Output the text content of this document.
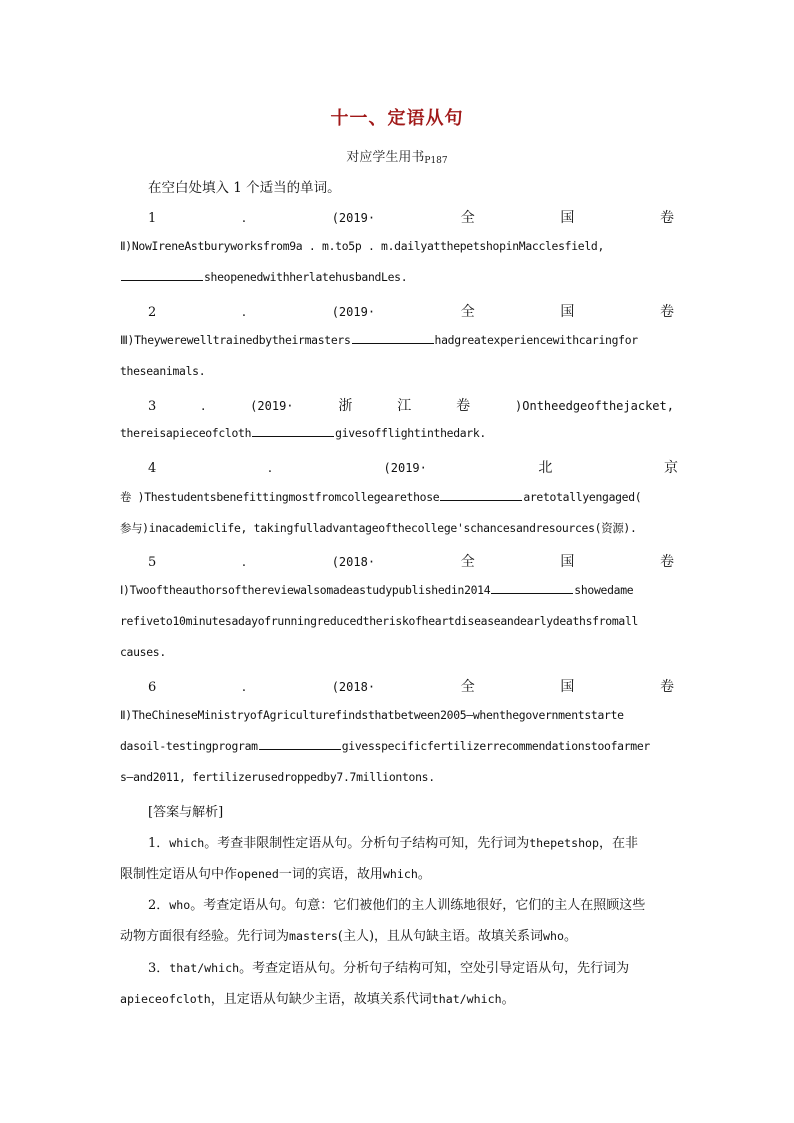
十一、定语从句
对应学生用书P187
在空白处填入 1 个适当的单词。
1	.	(2019·	全	国	卷
Ⅱ)NowIreneAstburyworksfrom9a . m.to5p . m.dailyatthepetshopinMacclesfield,
sheopenedwithherlatehusbandLes.
2	.	(2019·	全	国	卷
Ⅲ)Theywerewelltrainedbytheirmasters	hadgreatexperiencewithcaringfor
theseanimals.
3	.	(2019·	浙	江	卷	)Ontheedgeofthejacket,
thereisapieceofcloth	givesofflightinthedark.
4	.	(2019·	北	京
卷 )Thestudentsbenefittingmostfromcollegearethose	aretotallyengaged(
参与)inacademiclife, takingfulladvantageofthecollege'schancesandresources(资源).
5	.	(2018·	全	国	卷
Ⅰ)Twooftheauthorsofthereviewalsomadeastudypublishedin2014	showedame
refiveto10minutesadayofrunningreducedtheriskofheartdiseaseandearlydeathsfromall
causes.
6	.	(2018·	全	国	卷
Ⅱ)TheChineseMinistryofAgriculturefindsthatbetween2005—whenthegovernmentstarte
dasoil-testingprogram	givesspecificfertilizerrecommendationstoofarmer
s—and2011, fertilizerusedroppedby7.7milliontons.
[答案与解析]
1．which。考查非限制性定语从句。分析句子结构可知，先行词为thepetshop，在非
限制性定语从句中作opened一词的宾语，故用which。
2．who。考查定语从句。句意：它们被他们的主人训练地很好，它们的主人在照顾这些
动物方面很有经验。先行词为masters(主人)，且从句缺主语。故填关系词who。
3．that/which。考查定语从句。分析句子结构可知，空处引导定语从句，先行词为
apieceofcloth，且定语从句缺少主语，故填关系代词that/which。
